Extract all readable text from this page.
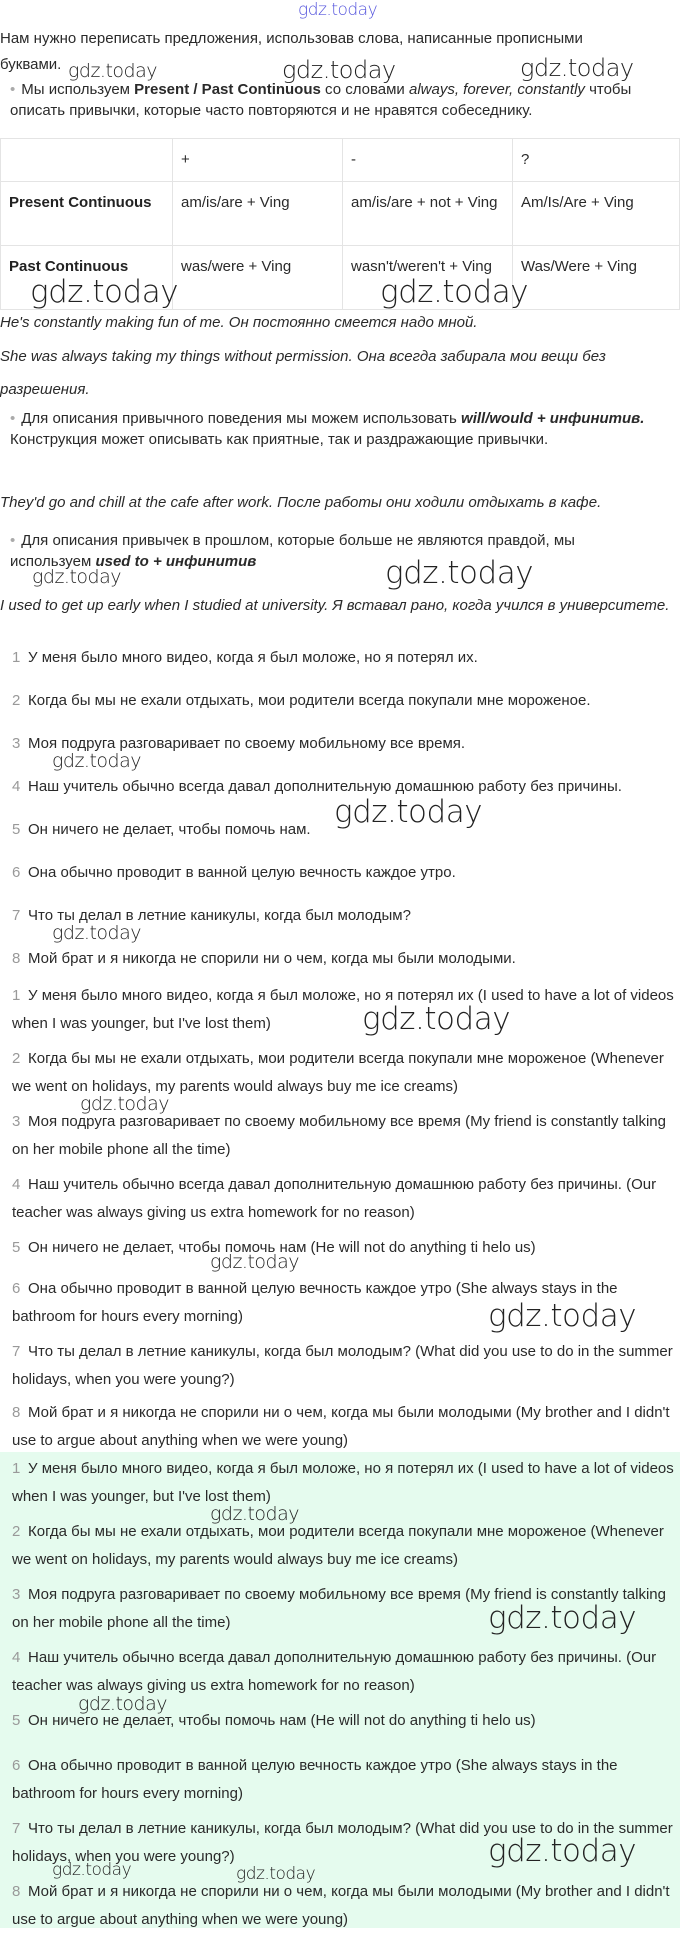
gdz.today
Нам нужно переписать предложения, использовав слова, написанные прописными
буквами.
• Мы используем Present / Past Continuous со словами always, forever, constantly чтобы описать привычки, которые часто повторяются и не нравятся собеседнику.
	+	-	?
Present Continuous	am/is/are + Ving	am/is/are + not + Ving	Am/Is/Are + Ving
Past Continuous	was/were + Ving	wasn't/weren't + Ving	Was/Were + Ving
He's constantly making fun of me. Он постоянно смеется надо мной.
She was always taking my things without permission. Она всегда забирала мои вещи без разрешения.
• Для описания привычного поведения мы можем использовать will/would + инфинитив. Конструкция может описывать как приятные, так и раздражающие привычки.
They'd go and chill at the cafe after work. После работы они ходили отдыхать в кафе.
• Для описания привычек в прошлом, которые больше не являются правдой, мы используем used to + инфинитив
I used to get up early when I studied at university. Я вставал рано, когда учился в университете.
1 У меня было много видео, когда я был моложе, но я потерял их.
2 Когда бы мы не ехали отдыхать, мои родители всегда покупали мне мороженое.
3 Моя подруга разговаривает по своему мобильному все время.
4 Наш учитель обычно всегда давал дополнительную домашнюю работу без причины.
5 Он ничего не делает, чтобы помочь нам.
6 Она обычно проводит в ванной целую вечность каждое утро.
7 Что ты делал в летние каникулы, когда был молодым?
8 Мой брат и я никогда не спорили ни о чем, когда мы были молодыми.
1 У меня было много видео, когда я был моложе, но я потерял их (I used to have a lot of videos when I was younger, but I've lost them)
2 Когда бы мы не ехали отдыхать, мои родители всегда покупали мне мороженое (Whenever we went on holidays, my parents would always buy me ice creams)
3 Моя подруга разговаривает по своему мобильному все время (My friend is constantly talking on her mobile phone all the time)
4 Наш учитель обычно всегда давал дополнительную домашнюю работу без причины. (Our teacher was always giving us extra homework for no reason)
5 Он ничего не делает, чтобы помочь нам (He will not do anything ti helo us)
6 Она обычно проводит в ванной целую вечность каждое утро (She always stays in the bathroom for hours every morning)
7 Что ты делал в летние каникулы, когда был молодым? (What did you use to do in the summer holidays, when you were young?)
8 Мой брат и я никогда не спорили ни о чем, когда мы были молодыми (My brother and I didn't use to argue about anything when we were young)
1 У меня было много видео, когда я был моложе, но я потерял их (I used to have a lot of videos when I was younger, but I've lost them)
2 Когда бы мы не ехали отдыхать, мои родители всегда покупали мне мороженое (Whenever we went on holidays, my parents would always buy me ice creams)
3 Моя подруга разговаривает по своему мобильному все время (My friend is constantly talking on her mobile phone all the time)
4 Наш учитель обычно всегда давал дополнительную домашнюю работу без причины. (Our teacher was always giving us extra homework for no reason)
5 Он ничего не делает, чтобы помочь нам (He will not do anything ti helo us)
6 Она обычно проводит в ванной целую вечность каждое утро (She always stays in the bathroom for hours every morning)
7 Что ты делал в летние каникулы, когда был молодым? (What did you use to do in the summer holidays, when you were young?)
8 Мой брат и я никогда не спорили ни о чем, когда мы были молодыми (My brother and I didn't use to argue about anything when we were young)
gdz.today	gdz.today	gdz.today
gdz.today	gdz.today
gdz.today	gdz.today
gdz.today
gdz.today
gdz.today
gdz.today
gdz.today
gdz.today
gdz.today
gdz.today
gdz.today
gdz.today
gdz.today
gdz.today	gdz.today
